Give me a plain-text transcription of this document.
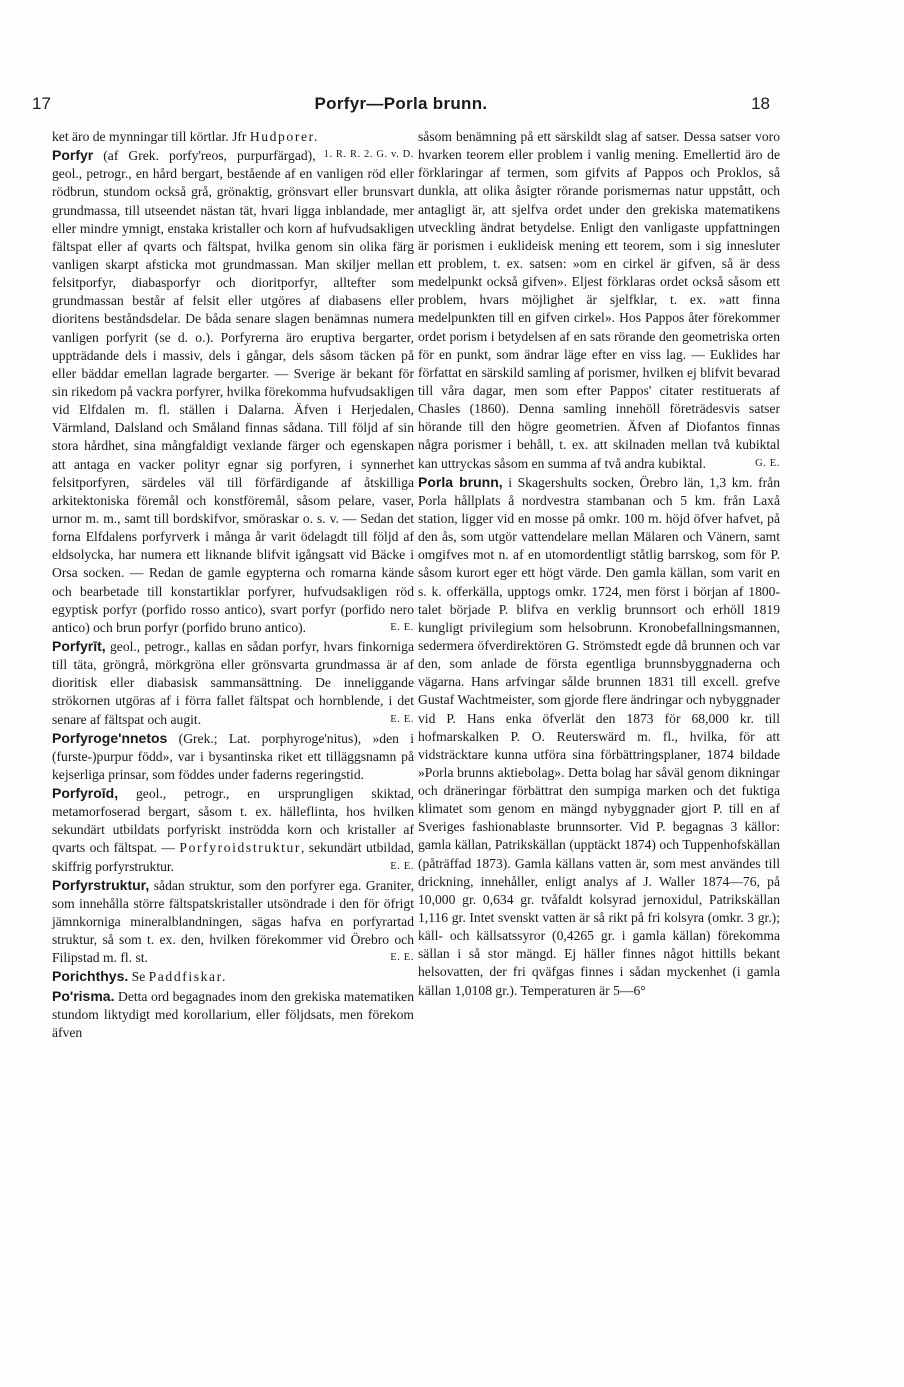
17	Porfyr—Porla brunn.	18

ket äro de mynningar till körtlar. Jfr Hudporer.
1. R. R. 2. G. v. D.

Porfyr (af Grek. porfy'reos, purpurfärgad), geol., petrogr., en hård bergart, bestående af en vanligen röd eller rödbrun, stundom också grå, grönaktig, grönsvart eller brunsvart grundmassa, till utseendet nästan tät, hvari ligga inblandade, mer eller mindre ymnigt, enstaka kristaller och korn af hufvudsakligen fältspat eller af qvarts och fältspat, hvilka genom sin olika färg vanligen skarpt afsticka mot grundmassan. Man skiljer mellan felsitporfyr, diabasporfyr och dioritporfyr, alltefter som grundmassan består af felsit eller utgöres af diabasens eller dioritens beståndsdelar. De båda senare slagen benämnas numera vanligen porfyrit (se d. o.). Porfyrerna äro eruptiva bergarter, uppträdande dels i massiv, dels i gångar, dels såsom täcken på eller bäddar emellan lagrade bergarter. — Sverige är bekant för sin rikedom på vackra porfyrer, hvilka förekomma hufvudsakligen vid Elfdalen m. fl. ställen i Dalarna. Äfven i Herjedalen, Värmland, Dalsland och Småland finnas sådana. Till följd af sin stora hårdhet, sina mångfaldigt vexlande färger och egenskapen att antaga en vacker polityr egnar sig porfyren, i synnerhet felsitporfyren, särdeles väl till förfärdigande af åtskilliga arkitektoniska föremål och konstföremål, såsom pelare, vaser, urnor m. m., samt till bordskifvor, smöraskar o. s. v. — Sedan det forna Elfdalens porfyrverk i många år varit ödelagdt till följd af eldsolycka, har numera ett liknande blifvit igångsatt vid Bäcke i Orsa socken. — Redan de gamle egypterna och romarna kände och bearbetade till konstartiklar porfyrer, hufvudsakligen röd egyptisk porfyr (porfido rosso antico), svart porfyr (porfido nero antico) och brun porfyr (porfido bruno antico).	E. E.

Porfyrīt, geol., petrogr., kallas en sådan porfyr, hvars finkorniga till täta, gröngrå, mörkgröna eller grönsvarta grundmassa är af dioritisk eller diabasisk sammansättning. De inneliggande strökornen utgöras af i förra fallet fältspat och hornblende, i det senare af fältspat och augit.	E. E.

Porfyroge'nnetos (Grek.; Lat. porphyroge'nitus), »den i (furste-)purpur född», var i bysantinska riket ett tilläggsnamn på kejserliga prinsar, som föddes under faderns regeringstid.

Porfyroīd, geol., petrogr., en ursprungligen skiktad, metamorfoserad bergart, såsom t. ex. hälleflinta, hos hvilken sekundärt utbildats porfyriskt inströdda korn och kristaller af qvarts och fältspat. — Porfyroidstruktur, sekundärt utbildad, skiffrig porfyrstruktur.	E. E.

Porfyrstruktur, sådan struktur, som den porfyrer ega. Graniter, som innehålla större fältspatskristaller utsöndrade i den för öfrigt jämnkorniga mineralblandningen, sägas hafva en porfyrartad struktur, så som t. ex. den, hvilken förekommer vid Örebro och Filipstad m. fl. st.	E. E.

Porichthys. Se Paddfiskar.

Po'risma. Detta ord begagnades inom den grekiska matematiken stundom liktydigt med korollarium, eller följdsats, men förekom äfven

såsom benämning på ett särskildt slag af satser. Dessa satser voro hvarken teorem eller problem i vanlig mening. Emellertid äro de förklaringar af termen, som gifvits af Pappos och Proklos, så dunkla, att olika åsigter rörande porismernas natur uppstått, och antagligt är, att sjelfva ordet under den grekiska matematikens utveckling ändrat betydelse. Enligt den vanligaste uppfattningen är porismen i euklideisk mening ett teorem, som i sig innesluter ett problem, t. ex. satsen: »om en cirkel är gifven, så är dess medelpunkt också gifven». Eljest förklaras ordet också såsom ett problem, hvars möjlighet är sjelfklar, t. ex. »att finna medelpunkten till en gifven cirkel». Hos Pappos åter förekommer ordet porism i betydelsen af en sats rörande den geometriska orten för en punkt, som ändrar läge efter en viss lag. — Euklides har författat en särskild samling af porismer, hvilken ej blifvit bevarad till våra dagar, men som efter Pappos' citater restituerats af Chasles (1860). Denna samling innehöll företrädesvis satser hörande till den högre geometrien. Äfven af Diofantos finnas några porismer i behåll, t. ex. att skilnaden mellan två kubiktal kan uttryckas såsom en summa af två andra kubiktal.	G. E.

Porla brunn, i Skagershults socken, Örebro län, 1,3 km. från Porla hållplats å nordvestra stambanan och 5 km. från Laxå station, ligger vid en mosse på omkr. 100 m. höjd öfver hafvet, på den ås, som utgör vattendelare mellan Mälaren och Vänern, samt omgifves mot n. af en utomordentligt ståtlig barrskog, som för P. såsom kurort eger ett högt värde. Den gamla källan, som varit en s. k. offerkälla, upptogs omkr. 1724, men först i början af 1800-talet började P. blifva en verklig brunnsort och erhöll 1819 kungligt privilegium som helsobrunn. Kronobefallningsmannen, sedermera öfverdirektören G. Strömstedt egde då brunnen och var den, som anlade de första egentliga brunnsbyggnaderna och vägarna. Hans arfvingar sålde brunnen 1831 till excell. grefve Gustaf Wachtmeister, som gjorde flere ändringar och nybyggnader vid P. Hans enka öfverlät den 1873 för 68,000 kr. till hofmarskalken P. O. Reuterswärd m. fl., hvilka, för att vidsträcktare kunna utföra sina förbättringsplaner, 1874 bildade »Porla brunns aktiebolag». Detta bolag har såväl genom dikningar och dräneringar förbättrat den sumpiga marken och det fuktiga klimatet som genom en mängd nybyggnader gjort P. till en af Sveriges fashionablaste brunnsorter. Vid P. begagnas 3 källor: gamla källan, Patrikskällan (upptäckt 1874) och Tuppenhofskällan (påträffad 1873). Gamla källans vatten är, som mest användes till drickning, innehåller, enligt analys af J. Waller 1874—76, på 10,000 gr. 0,634 gr. tvåfaldt kolsyrad jernoxidul, Patrikskällan 1,116 gr. Intet svenskt vatten är så rikt på fri kolsyra (omkr. 3 gr.); käll- och källsatssyror (0,4265 gr. i gamla källan) förekomma sällan i så stor mängd. Ej häller finnes något hittills bekant helsovatten, der fri qväfgas finnes i sådan myckenhet (i gamla källan 1,0108 gr.). Temperaturen är 5—6°
